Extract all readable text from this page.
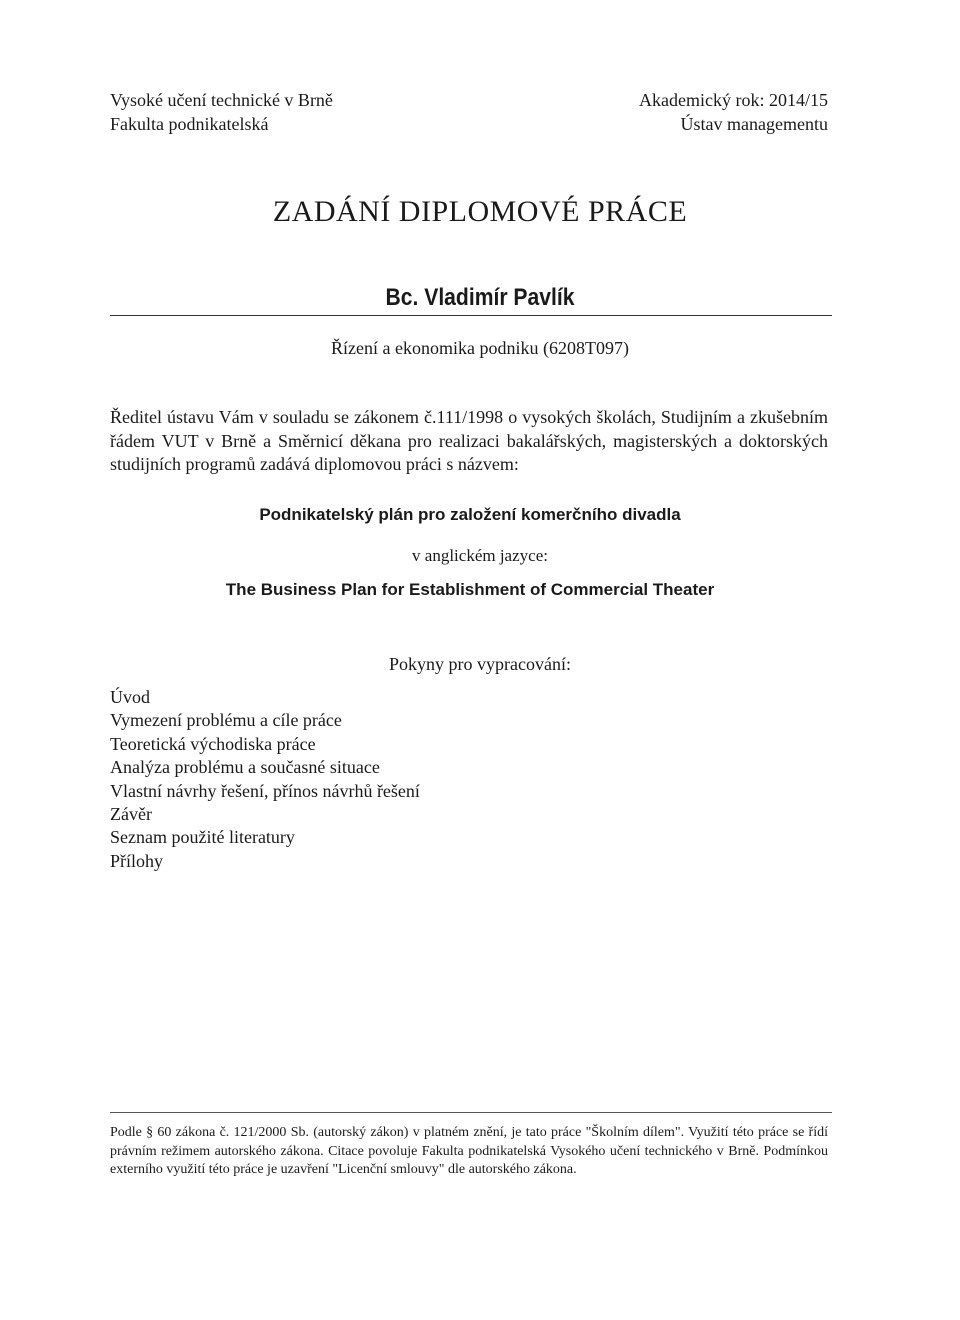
Vysoké učení technické v Brně
Fakulta podnikatelská
Akademický rok: 2014/15
Ústav managementu
ZADÁNÍ DIPLOMOVÉ PRÁCE
Bc. Vladimír Pavlík
Řízení a ekonomika podniku (6208T097)
Ředitel ústavu Vám v souladu se zákonem č.111/1998 o vysokých školách, Studijním a zkušebním řádem VUT v Brně a Směrnicí děkana pro realizaci bakalářských, magisterských a doktorských studijních programů zadává diplomovou práci s názvem:
Podnikatelský plán pro založení komerčního divadla
v anglickém jazyce:
The Business Plan for Establishment of Commercial Theater
Pokyny pro vypracování:
Úvod
Vymezení problému a cíle práce
Teoretická východiska práce
Analýza problému a současné situace
Vlastní návrhy řešení, přínos návrhů řešení
Závěr
Seznam použité literatury
Přílohy
Podle § 60 zákona č. 121/2000 Sb. (autorský zákon) v platném znění, je tato práce "Školním dílem". Využití této práce se řídí právním režimem autorského zákona. Citace povoluje Fakulta podnikatelská Vysokého učení technického v Brně. Podmínkou externího využití této práce je uzavření "Licenční smlouvy" dle autorského zákona.
